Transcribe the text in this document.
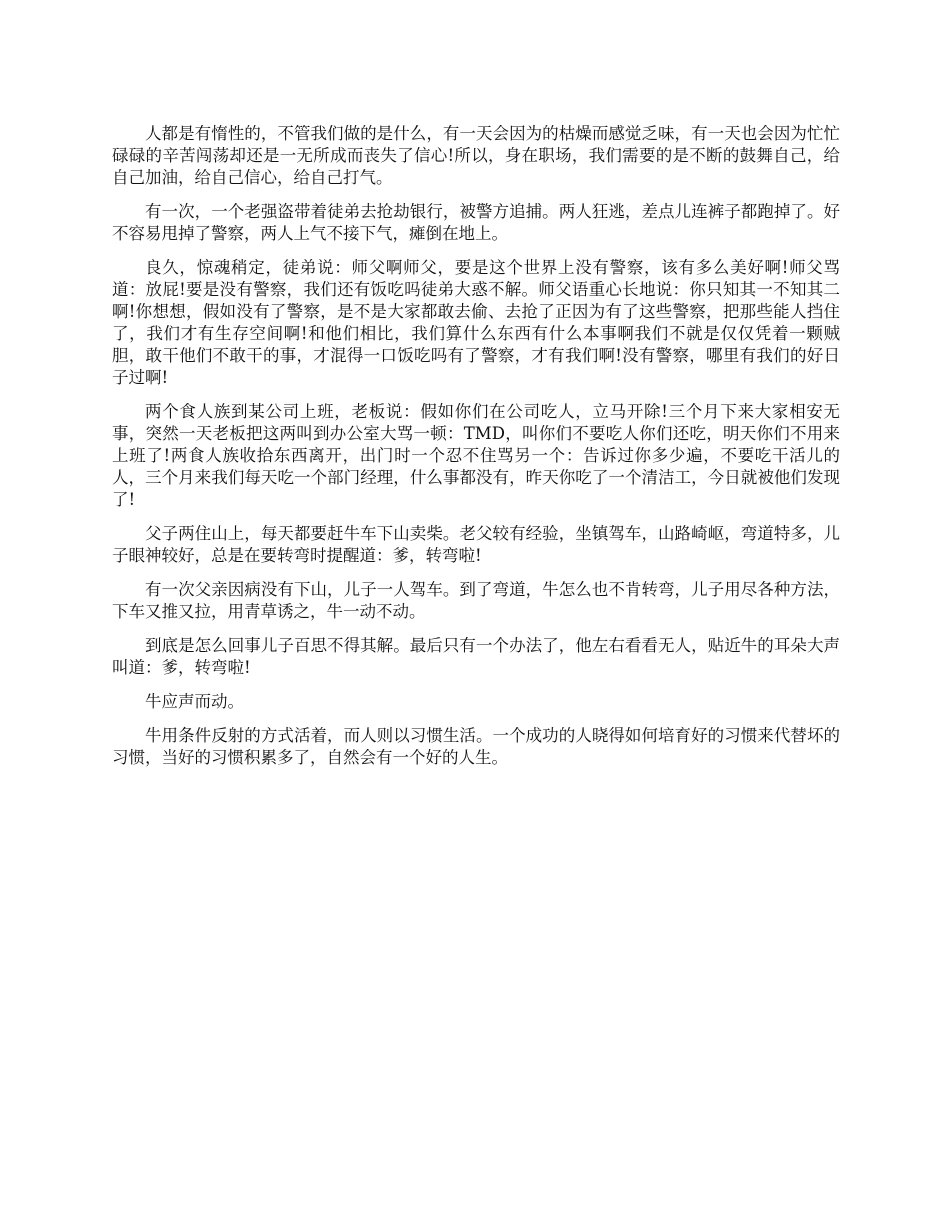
人都是有惰性的，不管我们做的是什么，有一天会因为的枯燥而感觉乏味，有一天也会因为忙忙碌碌的辛苦闯荡却还是一无所成而丧失了信心!所以，身在职场，我们需要的是不断的鼓舞自己，给自己加油，给自己信心，给自己打气。

有一次，一个老强盗带着徒弟去抢劫银行，被警方追捕。两人狂逃，差点儿连裤子都跑掉了。好不容易甩掉了警察，两人上气不接下气，瘫倒在地上。

良久，惊魂稍定，徒弟说：师父啊师父，要是这个世界上没有警察，该有多么美好啊!师父骂道：放屁!要是没有警察，我们还有饭吃吗徒弟大惑不解。师父语重心长地说：你只知其一不知其二啊!你想想，假如没有了警察，是不是大家都敢去偷、去抢了正因为有了这些警察，把那些能人挡住了，我们才有生存空间啊!和他们相比，我们算什么东西有什么本事啊我们不就是仅仅凭着一颗贼胆，敢干他们不敢干的事，才混得一口饭吃吗有了警察，才有我们啊!没有警察，哪里有我们的好日子过啊!

两个食人族到某公司上班，老板说：假如你们在公司吃人，立马开除!三个月下来大家相安无事，突然一天老板把这两叫到办公室大骂一顿：TMD，叫你们不要吃人你们还吃，明天你们不用来上班了!两食人族收拾东西离开，出门时一个忍不住骂另一个：告诉过你多少遍，不要吃干活儿的人，三个月来我们每天吃一个部门经理，什么事都没有，昨天你吃了一个清洁工，今日就被他们发现了!

父子两住山上，每天都要赶牛车下山卖柴。老父较有经验，坐镇驾车，山路崎岖，弯道特多，儿子眼神较好，总是在要转弯时提醒道：爹，转弯啦!

有一次父亲因病没有下山，儿子一人驾车。到了弯道，牛怎么也不肯转弯，儿子用尽各种方法，下车又推又拉，用青草诱之，牛一动不动。

到底是怎么回事儿子百思不得其解。最后只有一个办法了，他左右看看无人，贴近牛的耳朵大声叫道：爹，转弯啦!

牛应声而动。

牛用条件反射的方式活着，而人则以习惯生活。一个成功的人晓得如何培育好的习惯来代替坏的习惯，当好的习惯积累多了，自然会有一个好的人生。
